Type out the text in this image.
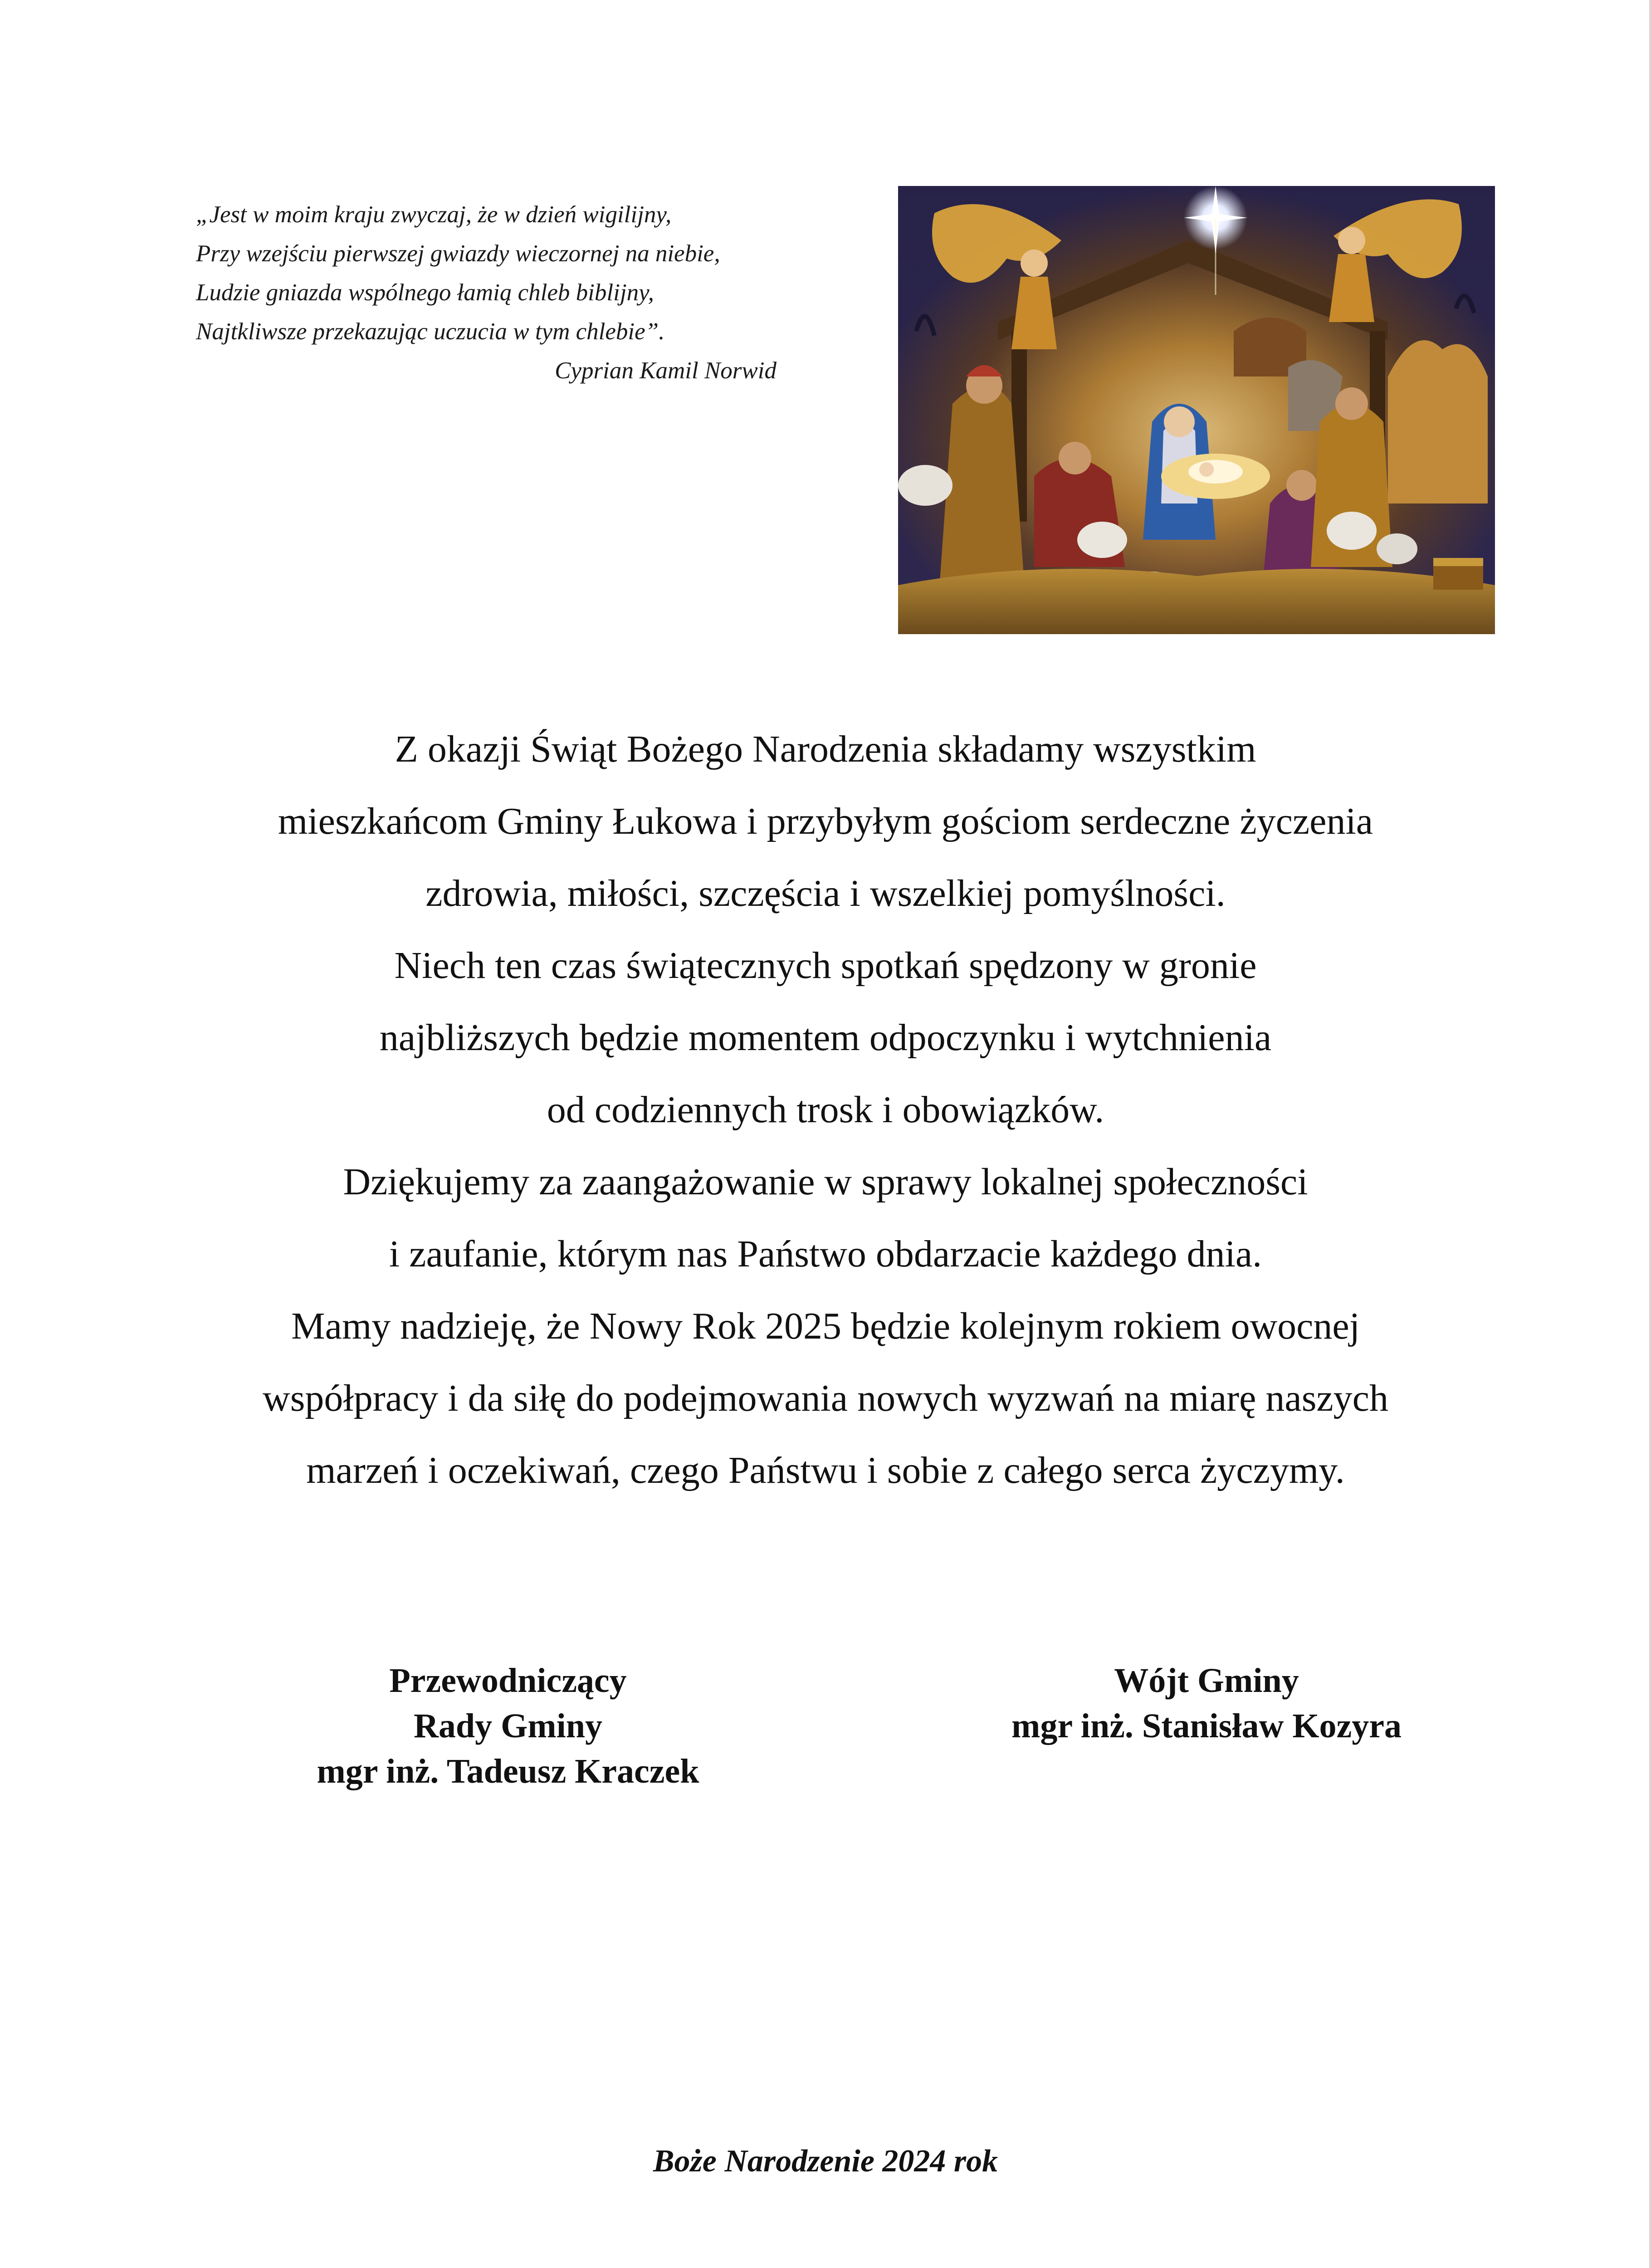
„Jest w moim kraju zwyczaj, że w dzień wigilijny,
Przy wzejściu pierwszej gwiazdy wieczornej na niebie,
Ludzie gniazda wspólnego łamią chleb biblijny,
Najtkliwsze przekazując uczucia w tym chlebie”.
Cyprian Kamil Norwid
Z okazji Świąt Bożego Narodzenia składamy wszystkim
mieszkańcom Gminy Łukowa i przybyłym gościom serdeczne życzenia
zdrowia, miłości, szczęścia i wszelkiej pomyślności.
Niech ten czas świątecznych spotkań spędzony w gronie
najbliższych będzie momentem odpoczynku i wytchnienia
od codziennych trosk i obowiązków.
Dziękujemy za zaangażowanie w sprawy lokalnej społeczności
i zaufanie, którym nas Państwo obdarzacie każdego dnia.
Mamy nadzieję, że Nowy Rok 2025 będzie kolejnym rokiem owocnej
współpracy i da siłę do podejmowania nowych wyzwań na miarę naszych
marzeń i oczekiwań, czego Państwu i sobie z całego serca życzymy.
Przewodniczący
Rady Gminy
mgr inż. Tadeusz Kraczek
Wójt Gminy
mgr inż. Stanisław Kozyra
Boże Narodzenie 2024 rok
